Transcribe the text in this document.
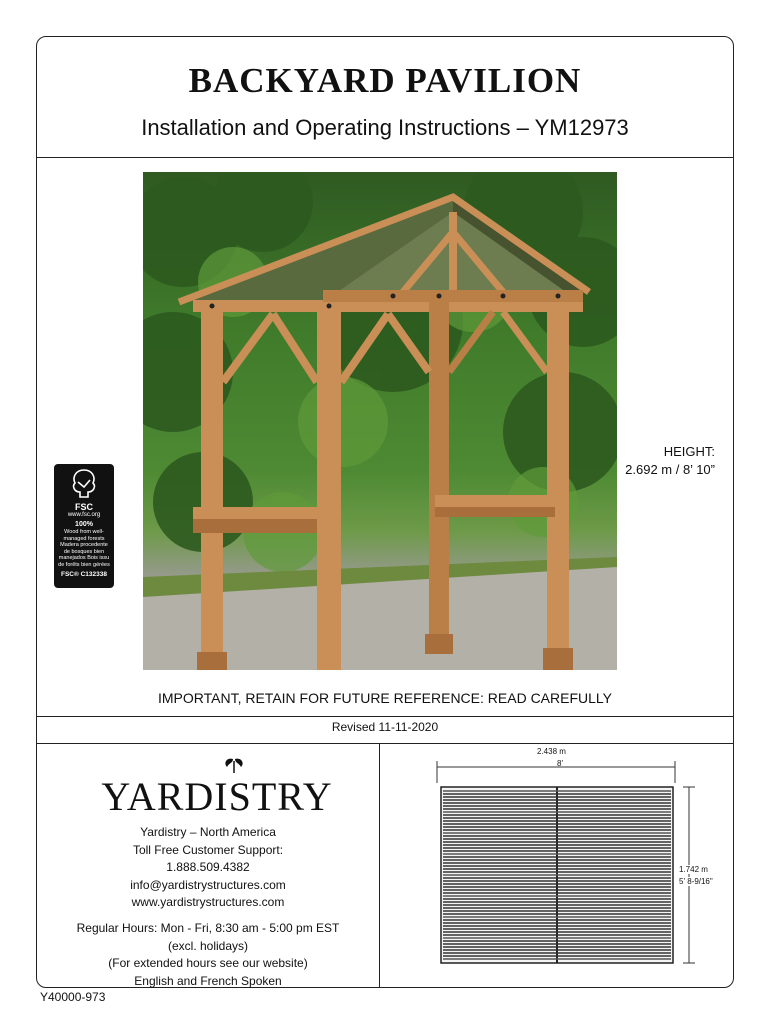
BACKYARD PAVILION
Installation and Operating Instructions – YM12973
FSC
www.fsc.org
100%
Wood from well-managed forests Madera procedente de bosques bien manejados Bois issu de forêts bien gérées
FSC® C132338
HEIGHT:
2.692 m / 8’ 10”
IMPORTANT, RETAIN FOR FUTURE REFERENCE: READ CAREFULLY
Revised 11-11-2020
YARDISTRY
Yardistry – North America
Toll Free Customer Support:
1.888.509.4382
info@yardistrystructures.com
www.yardistrystructures.com
Regular Hours: Mon - Fri, 8:30 am - 5:00 pm EST
(excl. holidays)
(For extended hours see our website)
English and French Spoken
2.438 m
8'
1.742 m
5' 8-9/16"
Y40000-973
